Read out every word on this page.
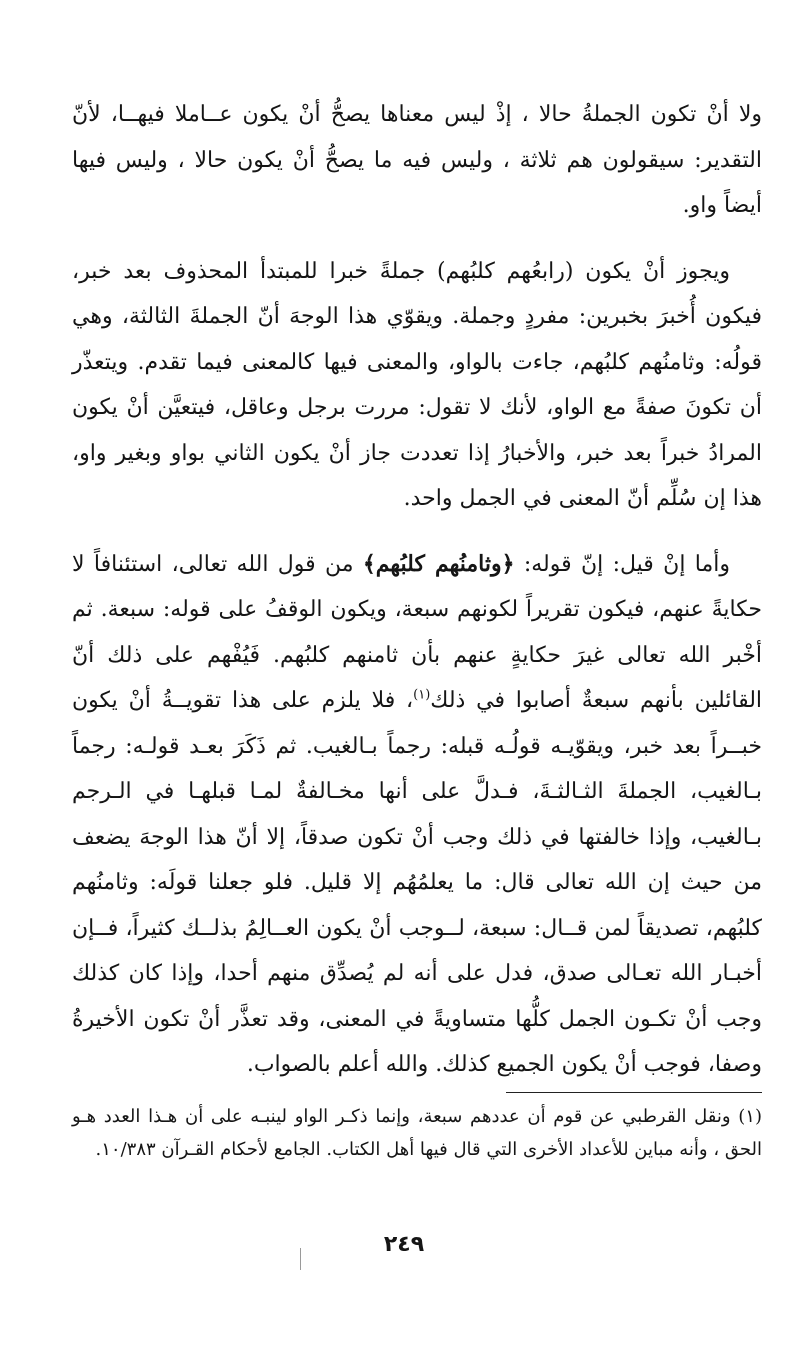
ولا أنْ تكون الجملةُ حالا ، إذْ ليس معناها يصحُّ أنْ يكون عــاملا فيهــا، لأنّ التقدير: سيقولون هم ثلاثة ، وليس فيه ما يصحُّ أنْ يكون حالا ، وليس فيها أيضاً واو.

ويجوز أنْ يكون (رابعُهم كلبُهم) جملةً خبرا للمبتدأ المحذوف بعد خبر، فيكون أُخبرَ بخبرين: مفردٍ وجملة. ويقوّي هذا الوجهَ أنّ الجملةَ الثالثة، وهي قولُه: وثامنُهم كلبُهم، جاءت بالواو، والمعنى فيها كالمعنى فيما تقدم. ويتعذّر أن تكونَ صفةً مع الواو، لأنك لا تقول: مررت برجل وعاقل، فيتعيَّن أنْ يكون المرادُ خبراً بعد خبر، والأخبارُ إذا تعددت جاز أنْ يكون الثاني بواو وبغير واو، هذا إن سُلِّم أنّ المعنى في الجمل واحد.

وأما إنْ قيل: إنّ قوله: ﴿وثامنُهم كلبُهم﴾ من قول الله تعالى، استئنافاً لا حكايةً عنهم، فيكون تقريراً لكونهم سبعة، ويكون الوقفُ على قوله: سبعة. ثم أخْبر الله تعالى غيرَ حكايةٍ عنهم بأن ثامنهم كلبُهم. فَيُفْهم على ذلك أنّ القائلين بأنهم سبعةٌ أصابوا في ذلك$^{(١)}$، فلا يلزم على هذا تقويــةُ أنْ يكون خبــراً بعد خبر، ويقوّيـه قولُـه قبله: رجماً بـالغيب. ثم ذَكَرَ بعـد قولـه: رجماً بـالغيب، الجملةَ الثـالثـةَ، فـدلَّ على أنها مخـالفةٌ لمـا قبلهـا في الـرجم بـالغيب، وإذا خالفتها في ذلك وجب أنْ تكون صدقاً، إلا أنّ هذا الوجهَ يضعف من حيث إن الله تعالى قال: ما يعلمُهُم إلا قليل. فلو جعلنا قولَه: وثامنُهم كلبُهم، تصديقاً لمن قــال: سبعة، لــوجب أنْ يكون العــالِمُ بذلــك كثيراً، فــإن أخبـار الله تعـالى صدق، فدل على أنه لم يُصدِّق منهم أحدا، وإذا كان كذلك وجب أنْ تكـون الجمل كلُّها متساويةً في المعنى، وقد تعذَّر أنْ تكون الأخيرةُ وصفا، فوجب أنْ يكون الجميع كذلك. والله أعلم بالصواب.

(١) ونقل القرطبي عن قوم أن عددهم سبعة، وإنما ذكـر الواو لينبـه على أن هـذا العدد هـو الحق ، وأنه مباين للأعداد الأخرى التي قال فيها أهل الكتاب. الجامع لأحكام القـرآن ١٠/٣٨٣.

٢٤٩
